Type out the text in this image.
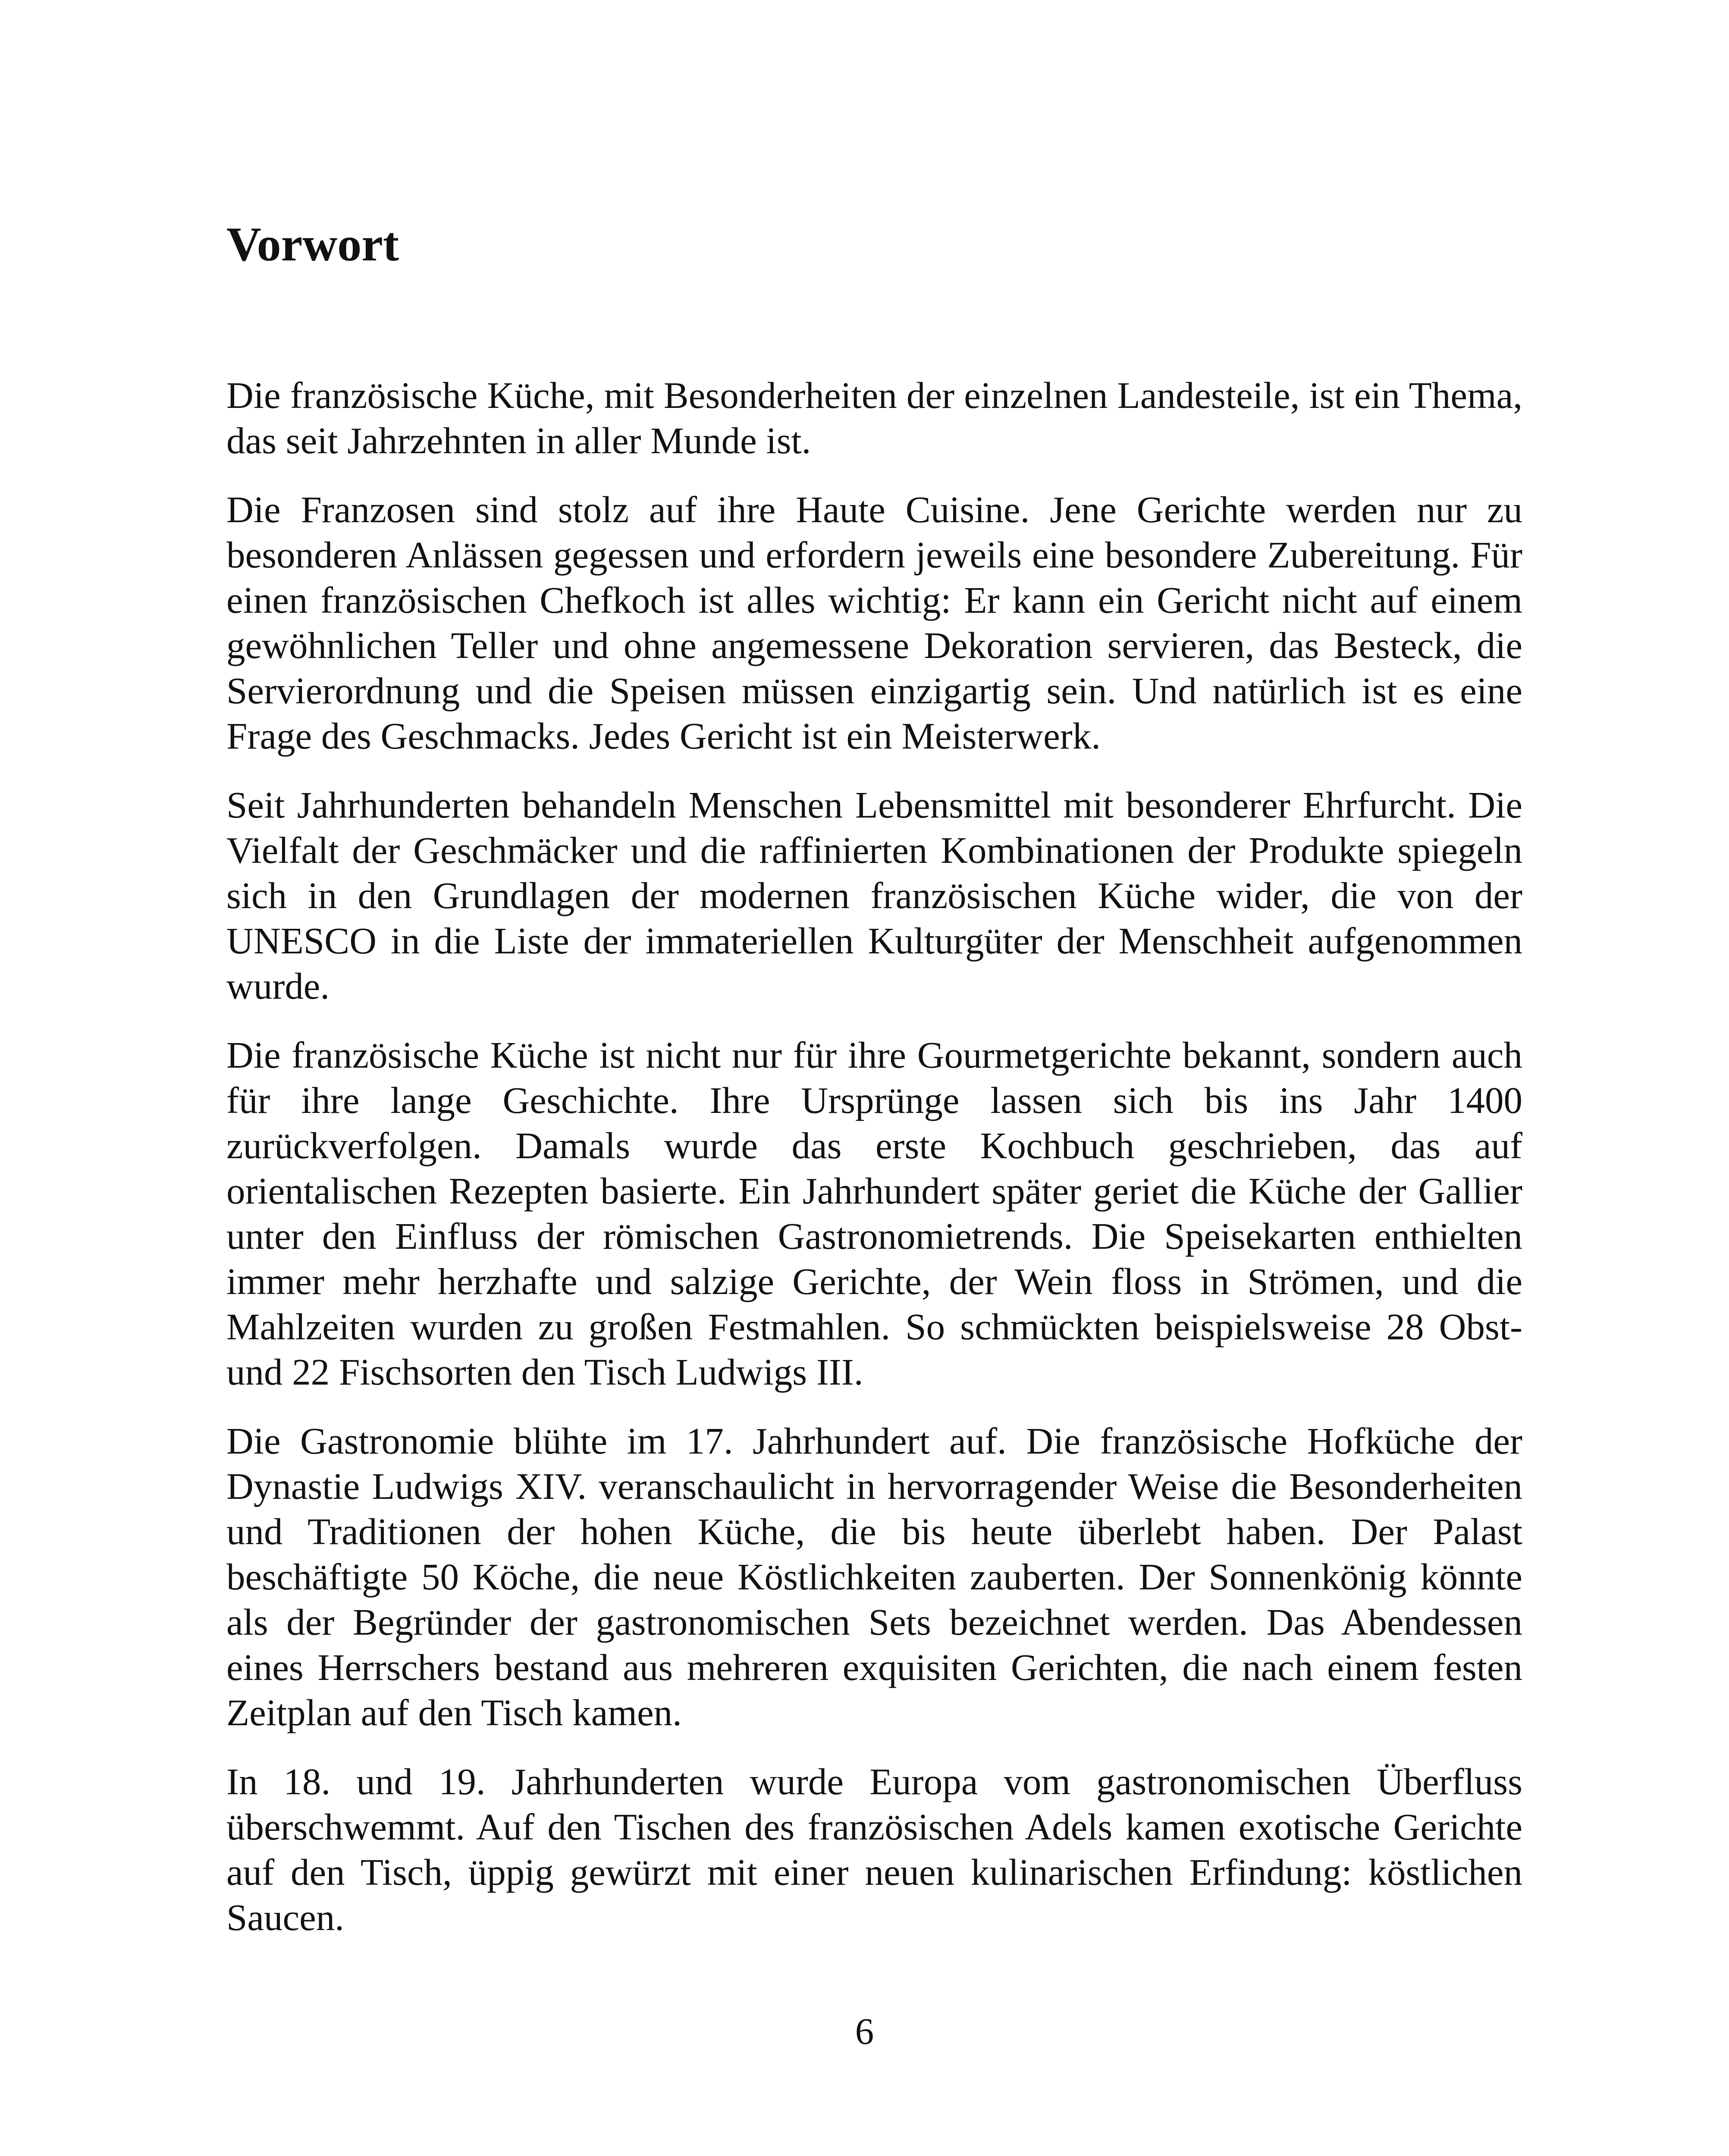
Vorwort

Die französische Küche, mit Besonderheiten der einzelnen Landesteile, ist ein Thema, das seit Jahrzehnten in aller Munde ist.

Die Franzosen sind stolz auf ihre Haute Cuisine. Jene Gerichte werden nur zu besonderen Anlässen gegessen und erfordern jeweils eine besondere Zubereitung. Für einen französischen Chefkoch ist alles wichtig: Er kann ein Gericht nicht auf einem gewöhnlichen Teller und ohne angemessene Dekoration servieren, das Besteck, die Servierordnung und die Speisen müssen einzigartig sein. Und natürlich ist es eine Frage des Geschmacks. Jedes Gericht ist ein Meisterwerk.

Seit Jahrhunderten behandeln Menschen Lebensmittel mit besonderer Ehrfurcht. Die Vielfalt der Geschmäcker und die raffinierten Kombinationen der Produkte spiegeln sich in den Grundlagen der modernen französischen Küche wider, die von der UNESCO in die Liste der immateriellen Kulturgüter der Menschheit aufgenommen wurde.

Die französische Küche ist nicht nur für ihre Gourmetgerichte bekannt, sondern auch für ihre lange Geschichte. Ihre Ursprünge lassen sich bis ins Jahr 1400 zurückverfolgen. Damals wurde das erste Kochbuch geschrieben, das auf orientalischen Rezepten basierte. Ein Jahrhundert später geriet die Küche der Gallier unter den Einfluss der römischen Gastronomietrends. Die Speisekarten enthielten immer mehr herzhafte und salzige Gerichte, der Wein floss in Strömen, und die Mahlzeiten wurden zu großen Festmahlen. So schmückten beispielsweise 28 Obst- und 22 Fischsorten den Tisch Ludwigs III.

Die Gastronomie blühte im 17. Jahrhundert auf. Die französische Hofküche der Dynastie Ludwigs XIV. veranschaulicht in hervorragender Weise die Besonderheiten und Traditionen der hohen Küche, die bis heute überlebt haben. Der Palast beschäftigte 50 Köche, die neue Köstlichkeiten zauberten. Der Sonnenkönig könnte als der Begründer der gastronomischen Sets bezeichnet werden. Das Abendessen eines Herrschers bestand aus mehreren exquisiten Gerichten, die nach einem festen Zeitplan auf den Tisch kamen.

In 18. und 19. Jahrhunderten wurde Europa vom gastronomischen Überfluss überschwemmt. Auf den Tischen des französischen Adels kamen exotische Gerichte auf den Tisch, üppig gewürzt mit einer neuen kulinarischen Erfindung: köstlichen Saucen.

6
